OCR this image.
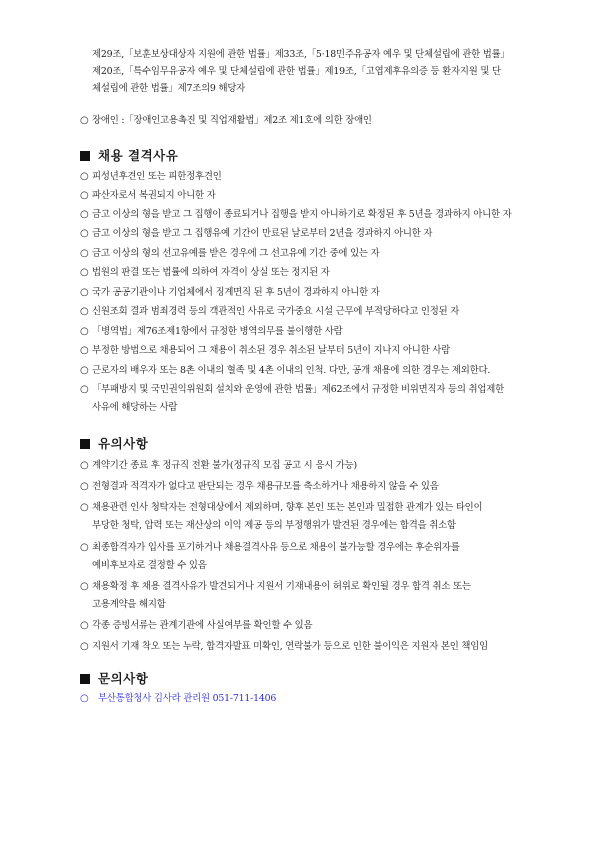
제29조,「보훈보상대상자 지원에 관한 법률」제33조,「5·18민주유공자 예우 및 단체설립에 관한 법률」
제20조,「특수임무유공자 예우 및 단체설립에 관한 법률」제19조,「고엽제후유의증 등 환자지원 및 단
체설립에 관한 법률」제7조의9 해당자
○ 장애인 :「장애인고용촉진 및 직업재활법」제2조 제1호에 의한 장애인
채용 결격사유
○ 피성년후견인 또는 피한정후견인
○ 파산자로서 복권되지 아니한 자
○ 금고 이상의 형을 받고 그 집행이 종료되거나 집행을 받지 아니하기로 확정된 후 5년을 경과하지 아니한 자
○ 금고 이상의 형을 받고 그 집행유예 기간이 만료된 날로부터 2년을 경과하지 아니한 자
○ 금고 이상의 형의 선고유예를 받은 경우에 그 선고유예 기간 중에 있는 자
○ 법원의 판결 또는 법률에 의하여 자격이 상실 또는 정지된 자
○ 국가 공공기관이나 기업체에서 징계면직 된 후 5년이 경과하지 아니한 자
○ 신원조회 결과 범죄경력 등의 객관적인 사유로 국가중요 시설 근무에 부적당하다고 인정된 자
○ 「병역법」제76조제1항에서 규정한 병역의무를 불이행한 사람
○ 부정한 방법으로 채용되어 그 채용이 취소된 경우 취소된 날부터 5년이 지나지 아니한 사람
○ 근로자의 배우자 또는 8촌 이내의 혈족 및 4촌 이내의 인척. 다만, 공개 채용에 의한 경우는 제외한다.
○ 「부패방지 및 국민권익위원회 설치와 운영에 관한 법률」제62조에서 규정한 비위면직자 등의 취업제한
사유에 해당하는 사람
유의사항
○ 계약기간 종료 후 정규직 전환 불가(정규직 모집 공고 시 응시 가능)
○ 전형결과 적격자가 없다고 판단되는 경우 채용규모를 축소하거나 채용하지 않을 수 있음
○ 채용관련 인사 청탁자는 전형대상에서 제외하며, 향후 본인 또는 본인과 밀접한 관계가 있는 타인이
부당한 청탁, 압력 또는 재산상의 이익 제공 등의 부정행위가 발견된 경우에는 합격을 취소함
○ 최종합격자가 입사를 포기하거나 채용결격사유 등으로 채용이 불가능할 경우에는 후순위자를
예비후보자로 결정할 수 있음
○ 채용확정 후 채용 결격사유가 발견되거나 지원서 기재내용이 허위로 확인될 경우 합격 취소 또는
고용계약을 해지함
○ 각종 증빙서류는 관계기관에 사실여부를 확인할 수 있음
○ 지원서 기재 착오 또는 누락, 합격자발표 미확인, 연락불가 등으로 인한 불이익은 지원자 본인 책임임
문의사항
○	부산통합청사 김사라 관리원 051-711-1406
